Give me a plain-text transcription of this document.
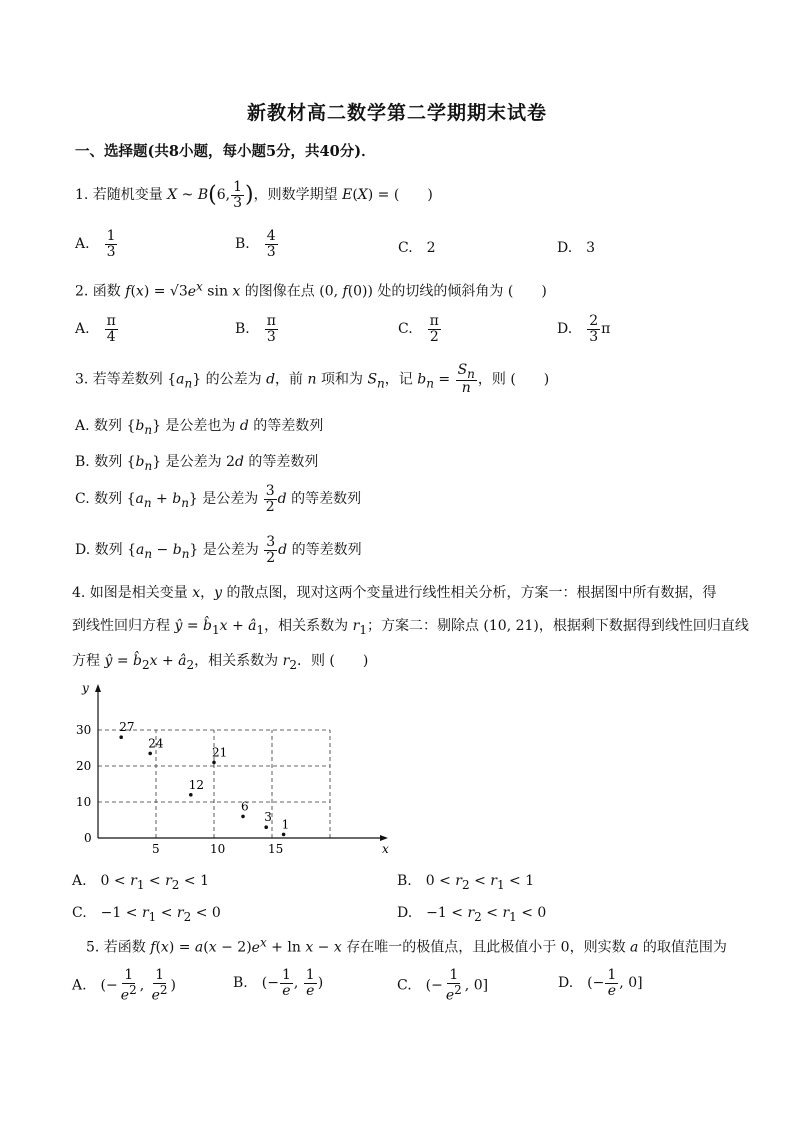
新教材高二数学第二学期期末试卷
一、选择题(共8小题，每小题5分，共40分)．
1. 若随机变量 X ~ B(6, $\frac{1}{3}$ )，则数学期望 E(X) = (　　)
A.　 $\frac{1}{3}$	B.　 $\frac{4}{3}$	C.　2	D.　3
2. 函数 $f(x) = √3e^x$ sin x 的图像在点 (0, f(0)) 处的切线的倾斜角为 (　　)
A.　 $\frac{\pi}{4}$	B.　 $\frac{\pi}{3}$	C.　 $\frac{\pi}{2}$	D.　 $\frac{2}{3}$ π
3. 若等差数列 $\{a_n\}$ 的公差为 d，前 n 项和为 $S_n$，记 $b_n = \frac{S_n}{n}$ ，则 (　　)
A. 数列 $\{b_n\}$ 是公差也为 d 的等差数列
B. 数列 $\{b_n\}$ 是公差为 2d 的等差数列
C. 数列 $\{a_n + b_n\}$ 是公差为 $\frac{3}{2}$ d 的等差数列
D. 数列 $\{a_n - b_n\}$ 是公差为 $\frac{3}{2}$ d 的等差数列
4. 如图是相关变量 x，y 的散点图，现对这两个变量进行线性相关分析，方案一：根据图中所有数据，得
到线性回归方程 ŷ = $b̂_1x$ + $â_1$，相关系数为 $r_1$；方案二：剔除点 (10, 21)，根据剩下数据得到线性回归直线
方程 ŷ = $b̂_2x$ + $â_2$，相关系数为 $r_2$．则 (　　)
x
y
5	10	15
0
10
20
30 27
24
21
12
6
3
1
A.　$0 < r_1 < r_2 < 1$	B.　$0 < r_2 < r_1 < 1$
C.　$-1 < r_1 < r_2 < 0$	D.　$-1 < r_2 < r_1 < 0$
5. 若函数 $f(x) = a(x - 2)e^x + \ln x - x$ 存在唯一的极值点，且此极值小于 0，则实数 a 的取值范围为
A.　(− $\frac{1}{e^2}$ , $\frac{1}{e^2}$ )	B.　(− $\frac{1}{e}$ , $\frac{1}{e}$ )	C.　(− $\frac{1}{e^2}$ , 0]	D.　(− $\frac{1}{e}$ , 0]
